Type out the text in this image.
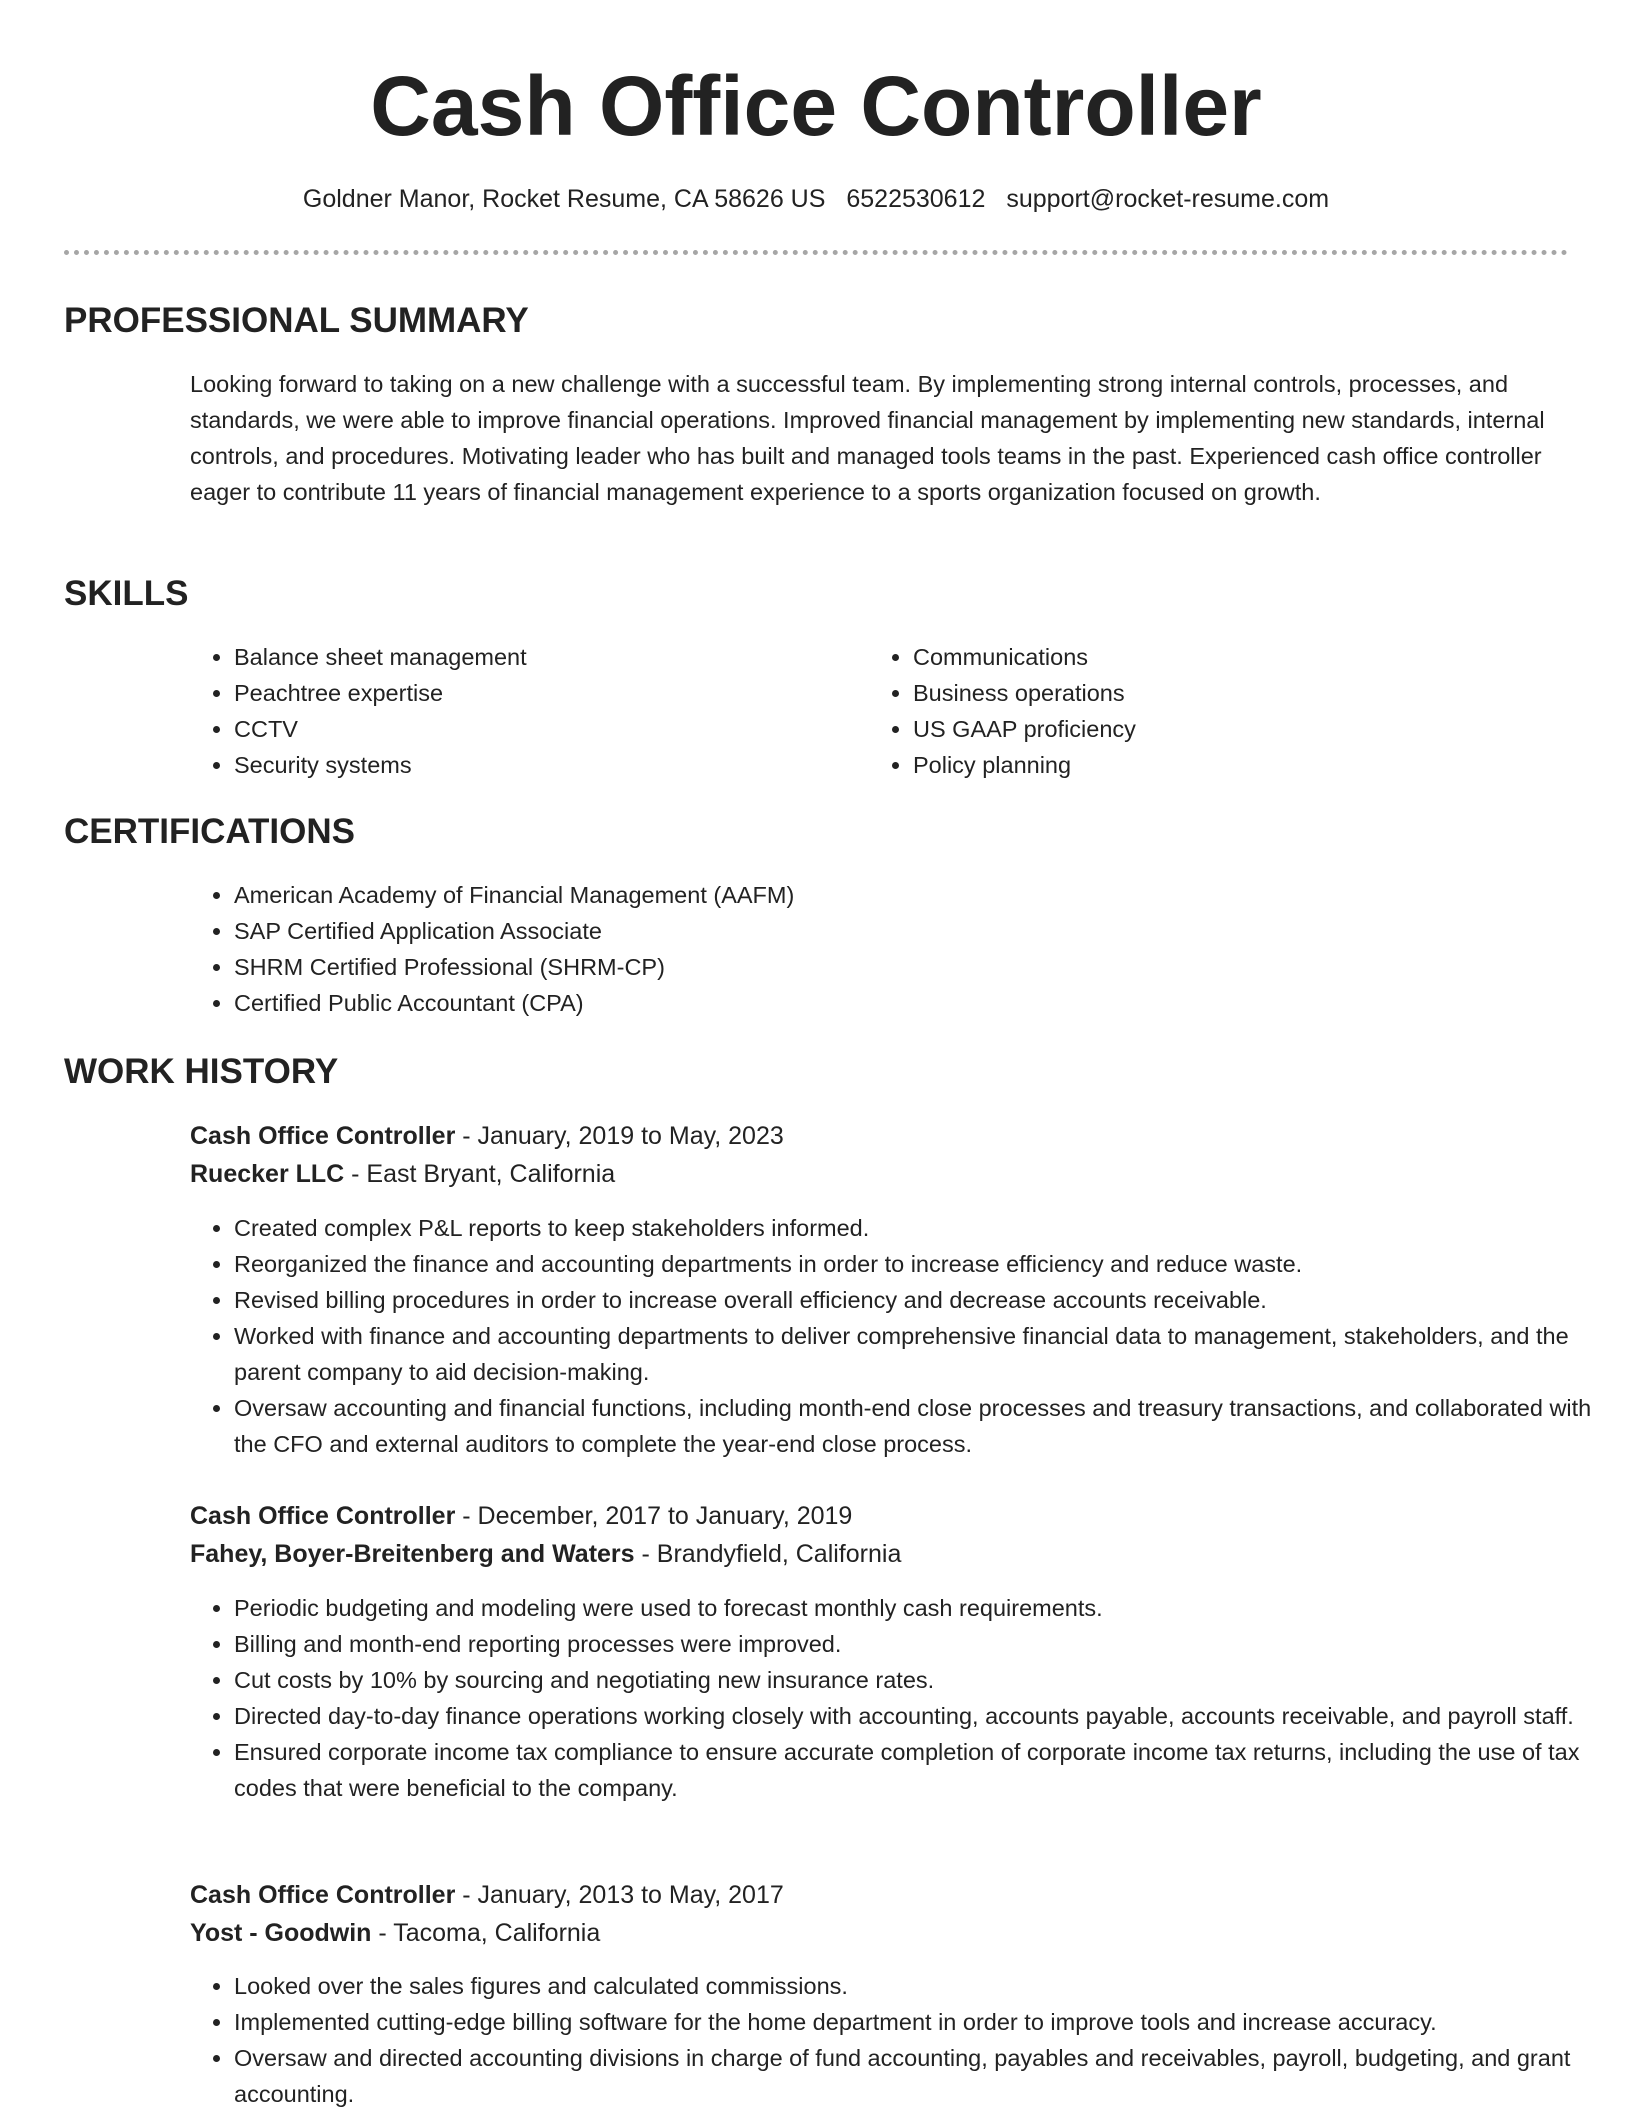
Cash Office Controller
Goldner Manor, Rocket Resume, CA 58626 US 6522530612 support@rocket-resume.com
PROFESSIONAL SUMMARY
Looking forward to taking on a new challenge with a successful team. By implementing strong internal controls, processes, and standards, we were able to improve financial operations. Improved financial management by implementing new standards, internal controls, and procedures. Motivating leader who has built and managed tools teams in the past. Experienced cash office controller eager to contribute 11 years of financial management experience to a sports organization focused on growth.
SKILLS
• Balance sheet management
• Peachtree expertise
• CCTV
• Security systems
• Communications
• Business operations
• US GAAP proficiency
• Policy planning
CERTIFICATIONS
• American Academy of Financial Management (AAFM)
• SAP Certified Application Associate
• SHRM Certified Professional (SHRM-CP)
• Certified Public Accountant (CPA)
WORK HISTORY
Cash Office Controller - January, 2019 to May, 2023
Ruecker LLC - East Bryant, California
• Created complex P&L reports to keep stakeholders informed.
• Reorganized the finance and accounting departments in order to increase efficiency and reduce waste.
• Revised billing procedures in order to increase overall efficiency and decrease accounts receivable.
• Worked with finance and accounting departments to deliver comprehensive financial data to management, stakeholders, and the parent company to aid decision-making.
• Oversaw accounting and financial functions, including month-end close processes and treasury transactions, and collaborated with the CFO and external auditors to complete the year-end close process.
Cash Office Controller - December, 2017 to January, 2019
Fahey, Boyer-Breitenberg and Waters - Brandyfield, California
• Periodic budgeting and modeling were used to forecast monthly cash requirements.
• Billing and month-end reporting processes were improved.
• Cut costs by 10% by sourcing and negotiating new insurance rates.
• Directed day-to-day finance operations working closely with accounting, accounts payable, accounts receivable, and payroll staff.
• Ensured corporate income tax compliance to ensure accurate completion of corporate income tax returns, including the use of tax codes that were beneficial to the company.
Cash Office Controller - January, 2013 to May, 2017
Yost - Goodwin - Tacoma, California
• Looked over the sales figures and calculated commissions.
• Implemented cutting-edge billing software for the home department in order to improve tools and increase accuracy.
• Oversaw and directed accounting divisions in charge of fund accounting, payables and receivables, payroll, budgeting, and grant accounting.
